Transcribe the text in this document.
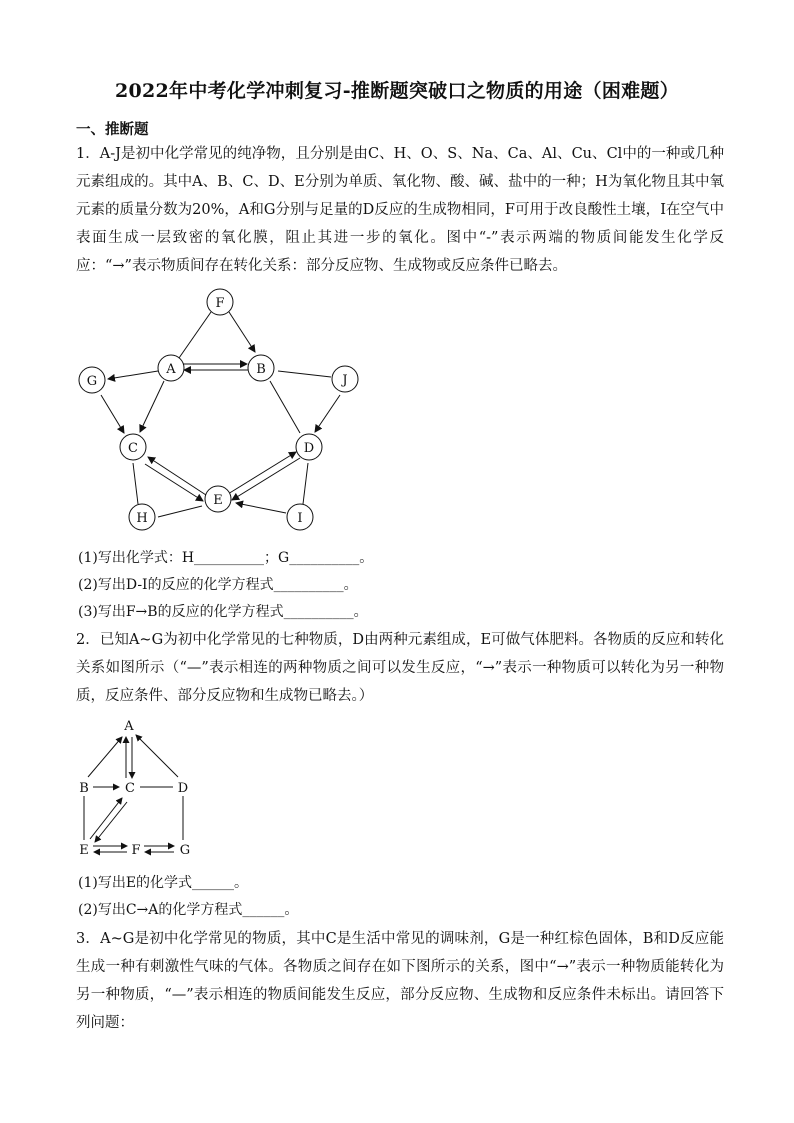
2022年中考化学冲刺复习-推断题突破口之物质的用途（困难题）
一、推断题
1．A-J是初中化学常见的纯净物，且分别是由C、H、O、S、Na、Ca、Al、Cu、Cl中的一种或几种元素组成的。其中A、B、C、D、E分别为单质、氧化物、酸、碱、盐中的一种；H为氧化物且其中氧元素的质量分数为20%，A和G分别与足量的D反应的生成物相同，F可用于改良酸性土壤，I在空气中表面生成一层致密的氧化膜，阻止其进一步的氧化。图中“-”表示两端的物质间能发生化学反应：“→”表示物质间存在转化关系：部分反应物、生成物或反应条件已略去。
F
A	B
G	J
C	D
E
H	I
(1)写出化学式：H__________；G__________。
(2)写出D-I的反应的化学方程式__________。
(3)写出F→B的反应的化学方程式__________。
2．已知A~G为初中化学常见的七种物质，D由两种元素组成，E可做气体肥料。各物质的反应和转化关系如图所示（“—”表示相连的两种物质之间可以发生反应，“→”表示一种物质可以转化为另一种物质，反应条件、部分反应物和生成物已略去。）
A
B	C	D
E	F	G
(1)写出E的化学式______。
(2)写出C→A的化学方程式______。
3．A~G是初中化学常见的物质，其中C是生活中常见的调味剂，G是一种红棕色固体，B和D反应能生成一种有刺激性气味的气体。各物质之间存在如下图所示的关系，图中“→”表示一种物质能转化为另一种物质，“—”表示相连的物质间能发生反应，部分反应物、生成物和反应条件未标出。请回答下列问题：
